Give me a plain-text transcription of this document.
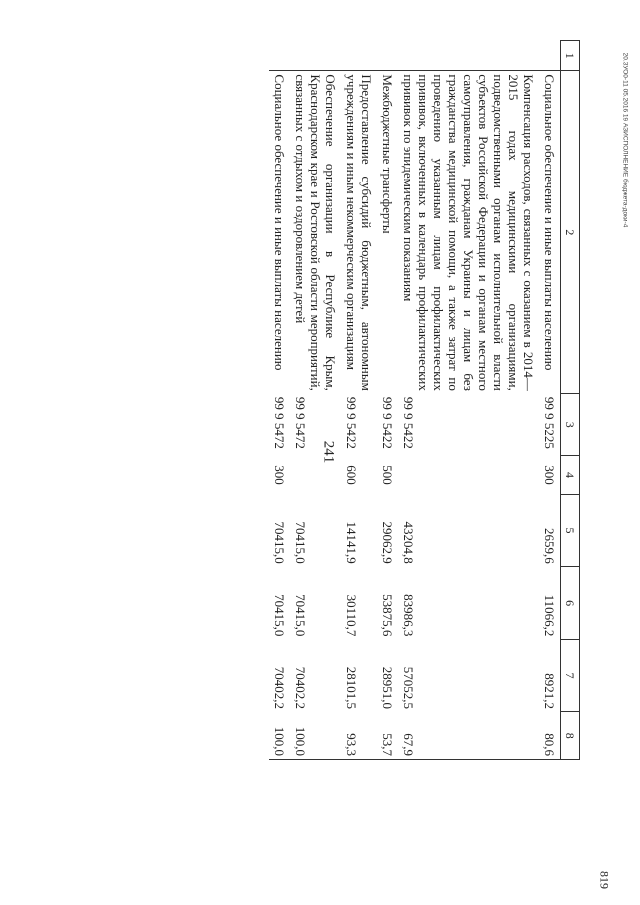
241
819
20.3УО0-11 05.2016 19 АЗИСПОЛНЕНИЕ бюджета-доки-4
1	2	3	4	5	6	7	8
	Социальное обеспечение и иные выплаты населению	99 9 5225	300	2659,6	11066,2	8921,2	80,6
	Компенсация расходов, связанных с оказанием в 2014—2015 годах медицинскими организациями, подведомственными органам исполнительной власти субъектов Российской Федерации и органам местного самоуправления, гражданам Украины и лицам без гражданства медицинской помощи, а также затрат по проведению указанным лицам профилактических прививок, включенных в календарь профилактических прививок по эпидемическим показаниям	99 9 5422		43204,8	83986,3	57052,5	67,9
	Межбюджетные трансферты	99 9 5422	500	29062,9	53875,6	28951,0	53,7
	Предоставление субсидий бюджетным, автономным учреждениям и иным некоммерческим организациям	99 9 5422	600	14141,9	30110,7	28101,5	93,3
	Обеспечение организации в Республике Крым, Краснодарском крае и Ростовской области мероприятий, связанных с отдыхом и оздоровлением детей	99 9 5472		70415,0	70415,0	70402,2	100,0
	Социальное обеспечение и иные выплаты населению	99 9 5472	300	70415,0	70415,0	70402,2	100,0
